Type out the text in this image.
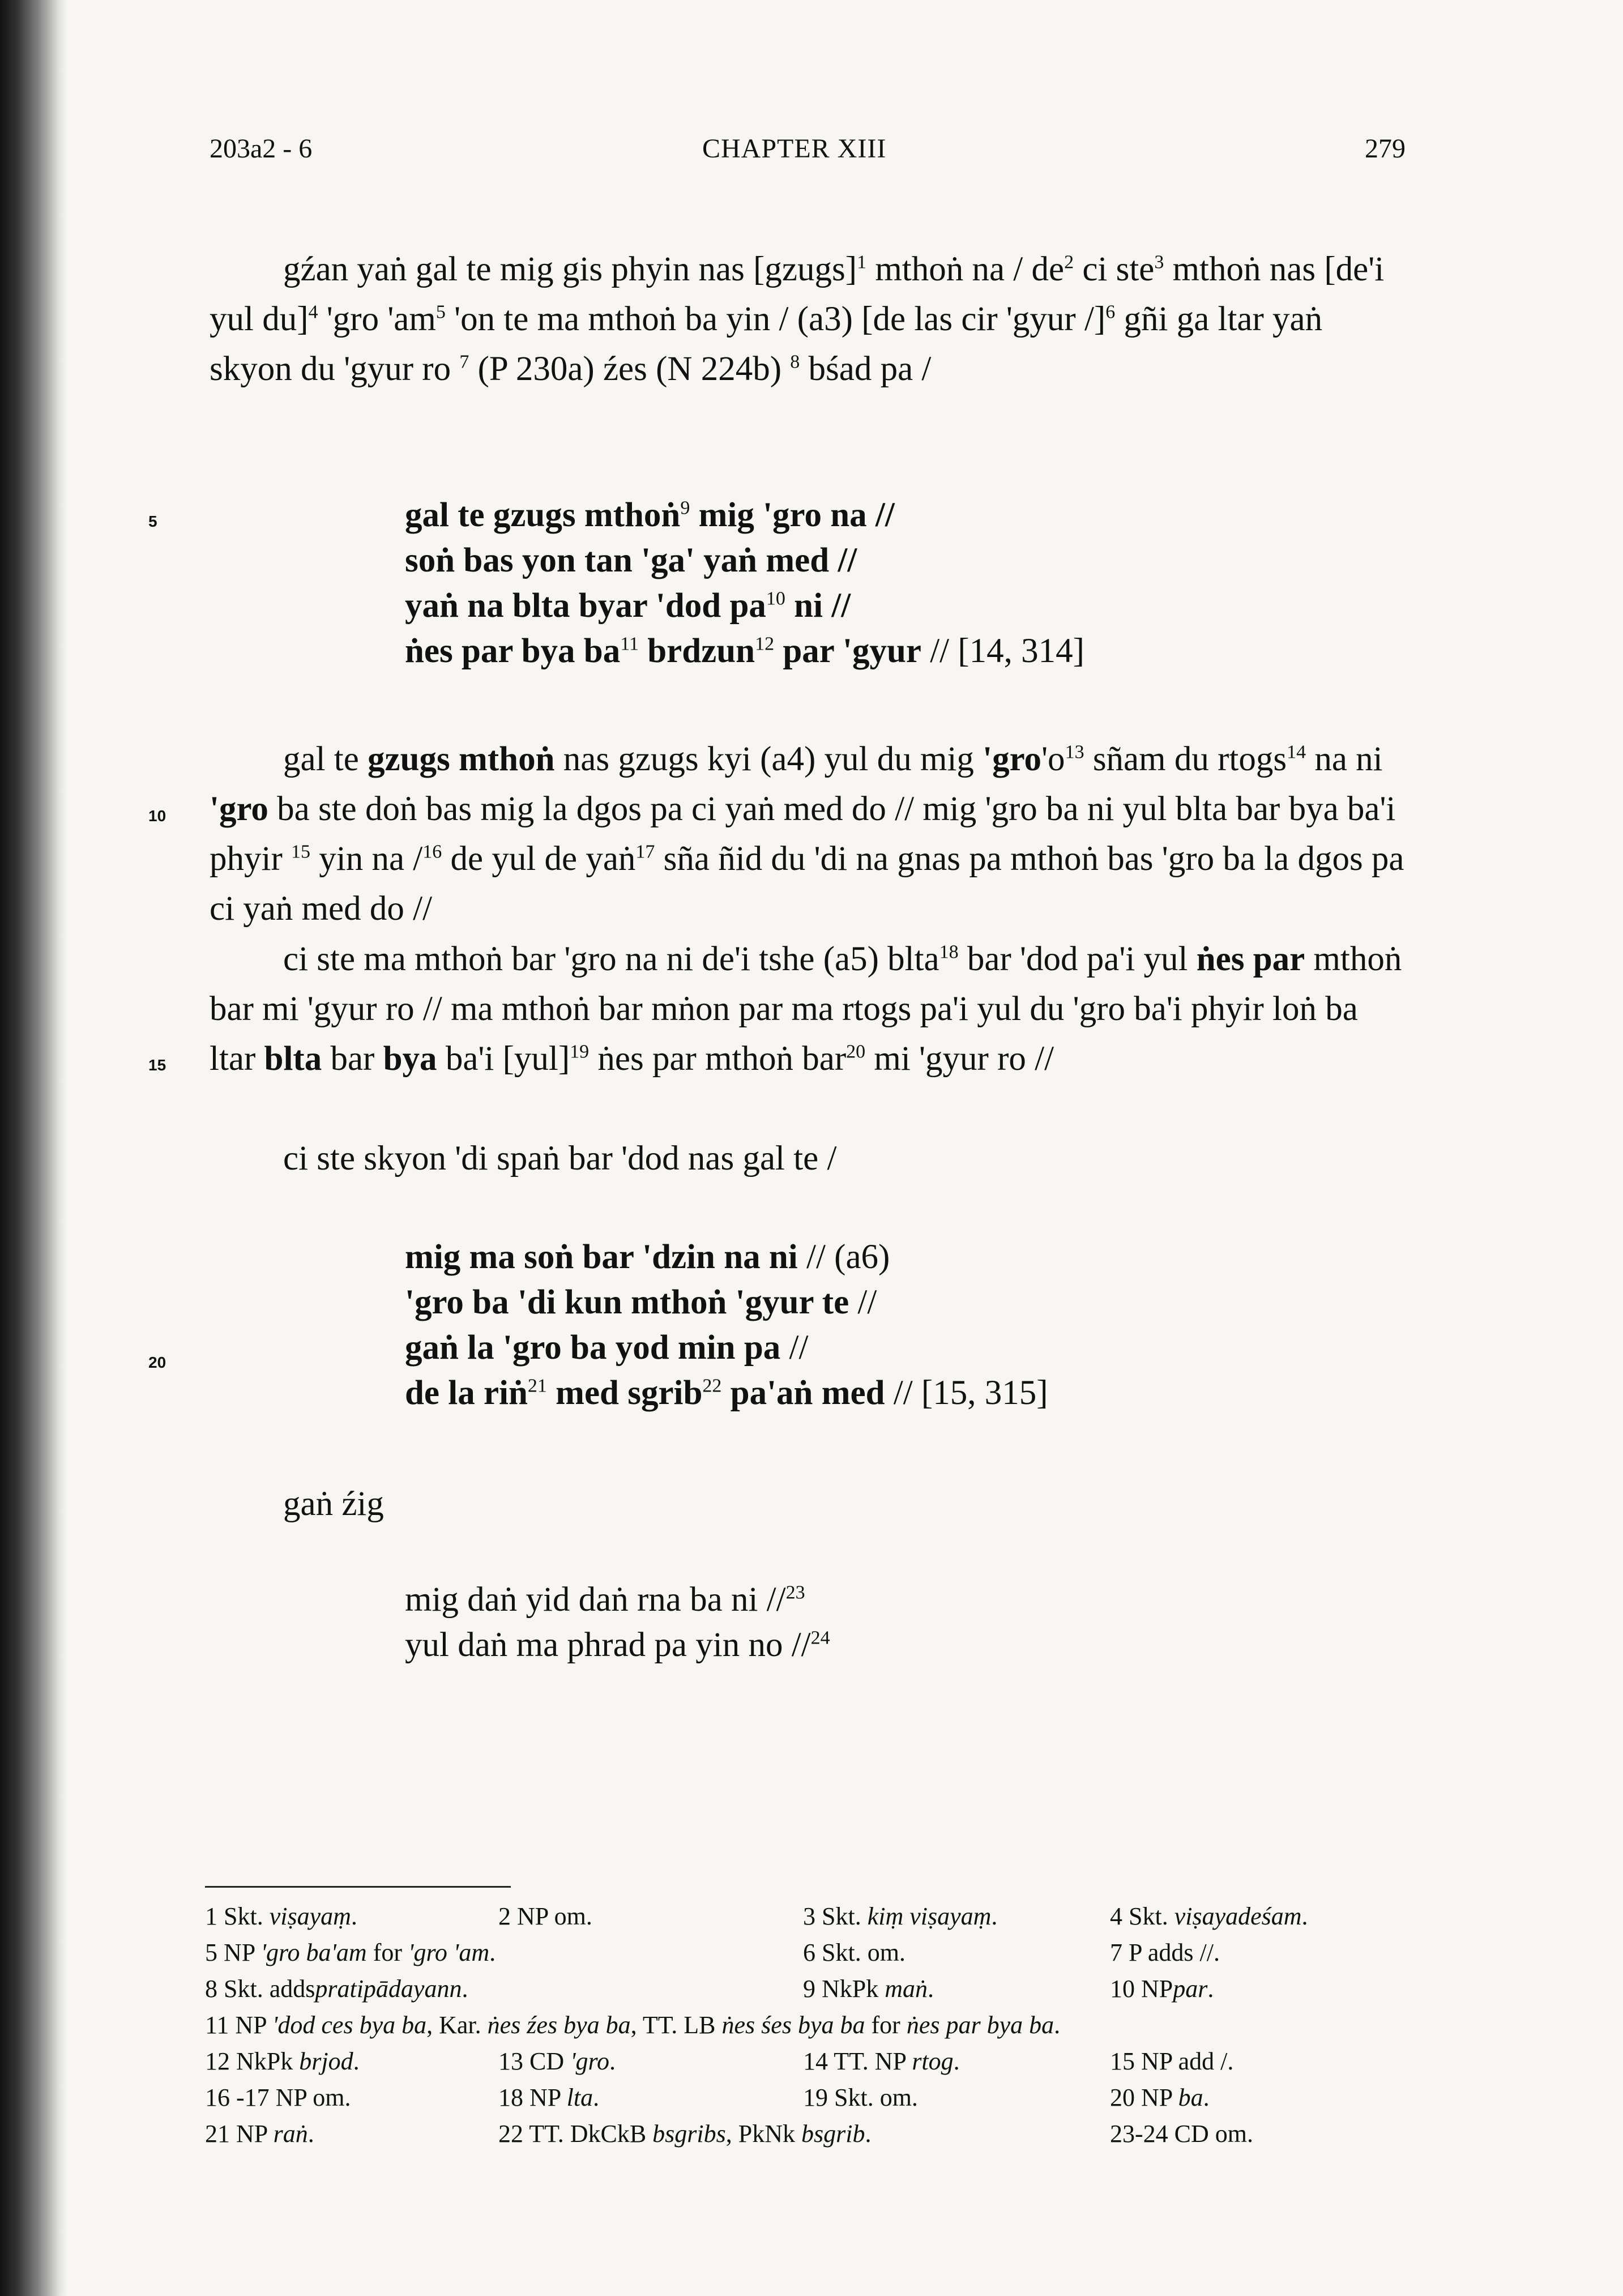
203a2 - 6	CHAPTER XIII	279
5
10
15
20

gźan yaṅ gal te mig gis phyin nas [gzugs]$^1$ mthoṅ na / $de^2$ ci ste$^3$ mthoṅ nas [de'i yul du]$^4$ 'gro '$am^5$ 'on te ma mthoṅ ba yin / (a3) [de las cir 'gyur /]$^6$ gñi ga ltar yaṅ skyon du 'gyur ro $^7$ (P 230a) źes (N 224b) $^8$ bśad pa /

gal te gzugs mthoṅ$^9$ mig 'gro na //
soṅ bas yon tan 'ga' yaṅ med //
yaṅ na blta byar 'dod $pa^{10}$ ni //
ṅes par bya $ba^{11}$ brdzun$^{12}$ par 'gyur // [14, 314]

gal te gzugs mthoṅ nas gzugs kyi (a4) yul du mig '$gro'o^{13}$ sñam du rtogs$^{14}$ na ni 'gro ba ste doṅ bas mig la dgos pa ci yaṅ med do // mig 'gro ba ni yul blta bar bya ba'i phyir $^{15}$ yin na /$^{16}$ de yul de yaṅ$^{17}$ sña ñid du 'di na gnas pa mthoṅ bas 'gro ba la dgos pa ci yaṅ med do //

ci ste ma mthoṅ bar 'gro na ni de'i tshe (a5) blta$^{18}$ bar 'dod pa'i yul ṅes par mthoṅ bar mi 'gyur ro // ma mthoṅ bar mṅon par ma rtogs pa'i yul du 'gro ba'i phyir loṅ ba ltar blta bar bya ba'i [yul]$^{19}$ ṅes par mthoṅ bar$^{20}$ mi 'gyur ro //

ci ste skyon 'di spaṅ bar 'dod nas gal te /

mig ma soṅ bar 'dzin na ni // (a6)
'gro ba 'di kun mthoṅ 'gyur te //
gaṅ la 'gro ba yod min pa //
de la riṅ$^{21}$ med sgrib$^{22}$ pa'aṅ med // [15, 315]

gaṅ źig

mig daṅ yid daṅ rna ba ni //$^{23}$
yul daṅ ma phrad pa yin no //$^{24}$
1 Skt. viṣayaṃ.	2 NP om.	3 Skt. kiṃ viṣayaṃ.	4 Skt. viṣayadeśam.
5 NP 'gro ba'am for 'gro 'am.	6 Skt. om.	7 P adds //.
8 Skt. addspratipādayann.	9 NkPk maṅ.	10 NPpar.
11 NP 'dod ces bya ba, Kar. ṅes źes bya ba, TT. LB ṅes śes bya ba for ṅes par bya ba.
12 NkPk brjod.	13 CD 'gro.	14 TT. NP rtog.	15 NP add /.
16 -17 NP om.	18 NP lta.	19 Skt. om.	20 NP ba.
21 NP raṅ.	22 TT. DkCkB bsgribs, PkNk bsgrib.	23-24 CD om.
